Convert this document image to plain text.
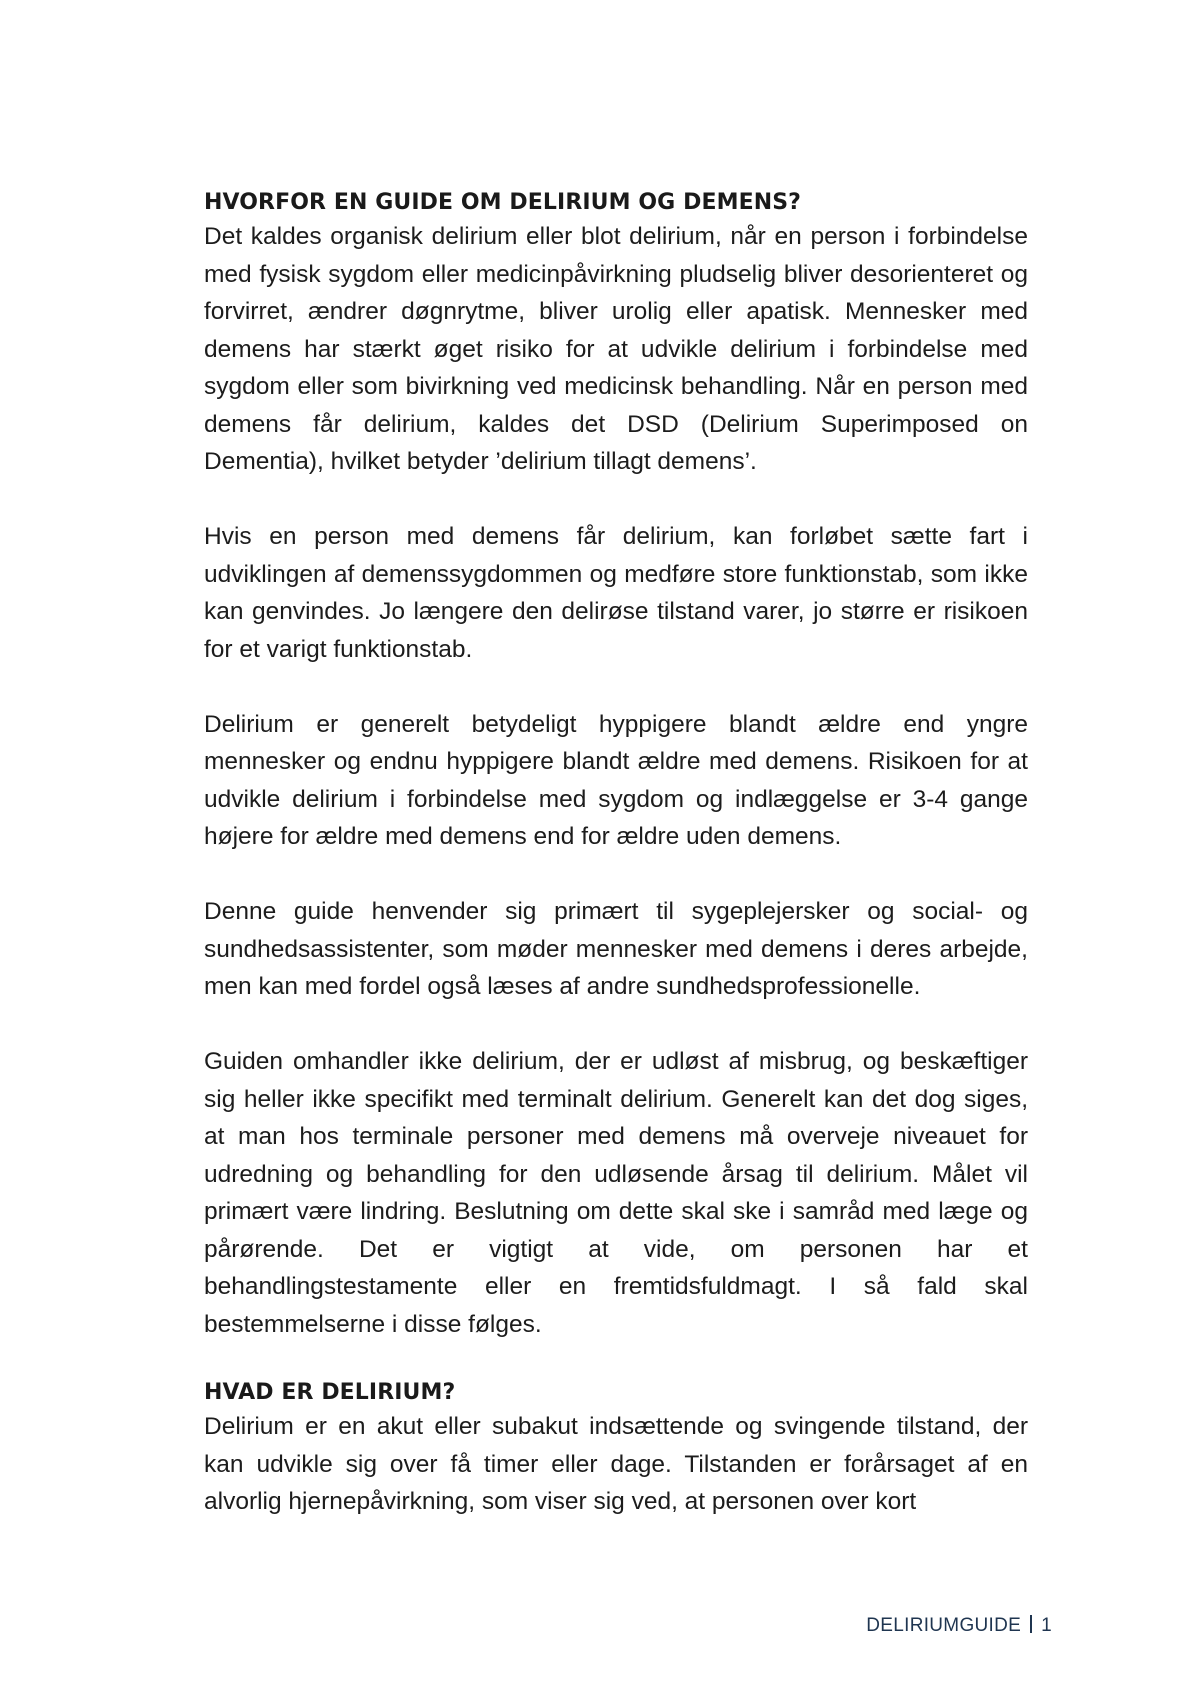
HVORFOR EN GUIDE OM DELIRIUM OG DEMENS?

Det kaldes organisk delirium eller blot delirium, når en person i forbindelse med fysisk sygdom eller medicinpåvirkning pludselig bliver desorienteret og forvirret, ændrer døgnrytme, bliver urolig eller apatisk. Mennesker med demens har stærkt øget risiko for at udvikle delirium i forbindelse med sygdom eller som bivirkning ved medicinsk behandling. Når en person med demens får delirium, kaldes det DSD (Delirium Superimposed on Dementia), hvilket betyder ’delirium tillagt demens’.

Hvis en person med demens får delirium, kan forløbet sætte fart i udviklingen af demenssygdommen og medføre store funktionstab, som ikke kan genvindes. Jo længere den delirøse tilstand varer, jo større er risikoen for et varigt funktionstab.

Delirium er generelt betydeligt hyppigere blandt ældre end yngre mennesker og endnu hyppigere blandt ældre med demens. Risikoen for at udvikle delirium i forbindelse med sygdom og indlæggelse er 3-4 gange højere for ældre med demens end for ældre uden demens.

Denne guide henvender sig primært til sygeplejersker og social- og sundhedsassistenter, som møder mennesker med demens i deres arbejde, men kan med fordel også læses af andre sundhedsprofessionelle.

Guiden omhandler ikke delirium, der er udløst af misbrug, og beskæftiger sig heller ikke specifikt med terminalt delirium. Generelt kan det dog siges, at man hos terminale personer med demens må overveje niveauet for udredning og behandling for den udløsende årsag til delirium. Målet vil primært være lindring. Beslutning om dette skal ske i samråd med læge og pårørende. Det er vigtigt at vide, om personen har et behandlingstestamente eller en fremtidsfuldmagt. I så fald skal bestemmelserne i disse følges.

HVAD ER DELIRIUM?

Delirium er en akut eller subakut indsættende og svingende tilstand, der kan udvikle sig over få timer eller dage. Tilstanden er forårsaget af en alvorlig hjernepåvirkning, som viser sig ved, at personen over kort

DELIRIUMGUIDE 1
